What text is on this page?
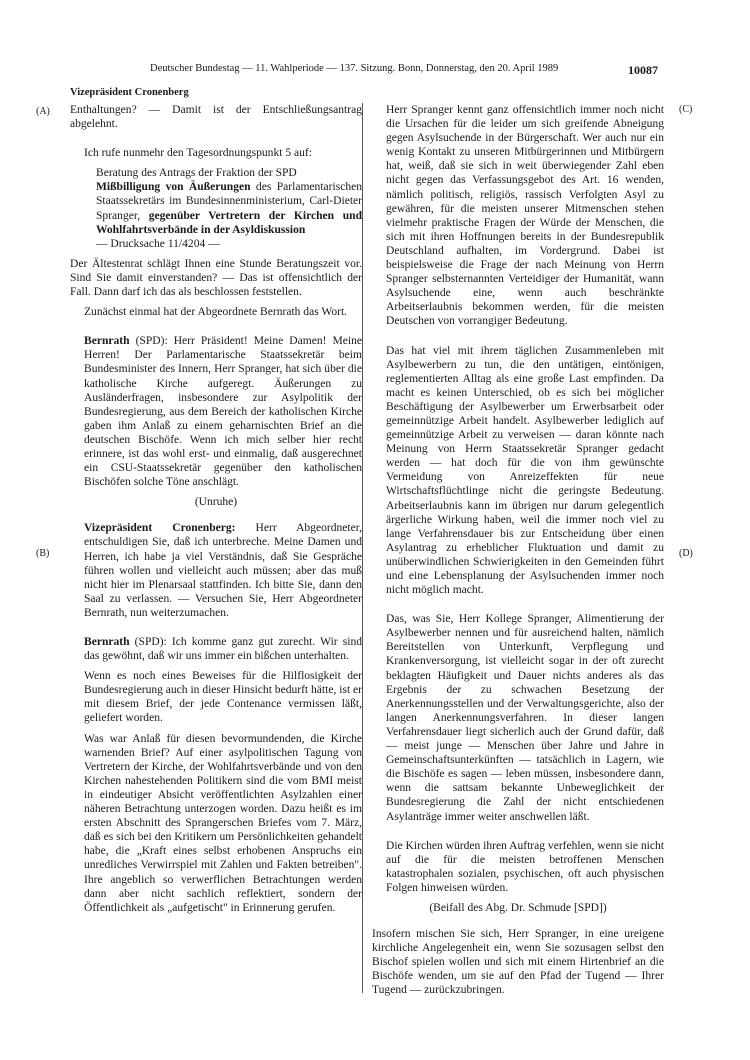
Deutscher Bundestag — 11. Wahlperiode — 137. Sitzung. Bonn, Donnerstag, den 20. April 1989	10087
Vizepräsident Cronenberg
(A)
(B)
(C)
(D)

Enthaltungen? — Damit ist der Entschließungsantrag abgelehnt.

Ich rufe nunmehr den Tagesordnungspunkt 5 auf:

Beratung des Antrags der Fraktion der SPD

Mißbilligung von Äußerungen des Parlamentarischen Staatssekretärs im Bundesinnenministerium, Carl-Dieter Spranger, gegenüber Vertretern der Kirchen und Wohlfahrtsverbände in der Asyldiskussion

— Drucksache 11/4204 —

Der Ältestenrat schlägt Ihnen eine Stunde Beratungszeit vor. Sind Sie damit einverstanden? — Das ist offensichtlich der Fall. Dann darf ich das als beschlossen feststellen.

Zunächst einmal hat der Abgeordnete Bernrath das Wort.

Bernrath (SPD): Herr Präsident! Meine Damen! Meine Herren! Der Parlamentarische Staatssekretär beim Bundesminister des Innern, Herr Spranger, hat sich über die katholische Kirche aufgeregt. Äußerungen zu Ausländerfragen, insbesondere zur Asylpolitik der Bundesregierung, aus dem Bereich der katholischen Kirche gaben ihm Anlaß zu einem geharnischten Brief an die deutschen Bischöfe. Wenn ich mich selber hier recht erinnere, ist das wohl erst- und einmalig, daß ausgerechnet ein CSU-Staatssekretär gegenüber den katholischen Bischöfen solche Töne anschlägt.

(Unruhe)

Vizepräsident Cronenberg: Herr Abgeordneter, entschuldigen Sie, daß ich unterbreche. Meine Damen und Herren, ich habe ja viel Verständnis, daß Sie Gespräche führen wollen und vielleicht auch müssen; aber das muß nicht hier im Plenarsaal stattfinden. Ich bitte Sie, dann den Saal zu verlassen. — Versuchen Sie, Herr Abgeordneter Bernrath, nun weiterzumachen.

Bernrath (SPD): Ich komme ganz gut zurecht. Wir sind das gewöhnt, daß wir uns immer ein bißchen unterhalten.

Wenn es noch eines Beweises für die Hilflosigkeit der Bundesregierung auch in dieser Hinsicht bedurft hätte, ist er mit diesem Brief, der jede Contenance vermissen läßt, geliefert worden.

Was war Anlaß für diesen bevormundenden, die Kirche warnenden Brief? Auf einer asylpolitischen Tagung von Vertretern der Kirche, der Wohlfahrtsverbände und von den Kirchen nahestehenden Politikern sind die vom BMI meist in eindeutiger Absicht veröffentlichten Asylzahlen einer näheren Betrachtung unterzogen worden. Dazu heißt es im ersten Abschnitt des Sprangerschen Briefes vom 7. März, daß es sich bei den Kritikern um Persönlichkeiten gehandelt habe, die „Kraft eines selbst erhobenen Anspruchs ein unredliches Verwirrspiel mit Zahlen und Fakten betreiben". Ihre angeblich so verwerflichen Betrachtungen werden dann aber nicht sachlich reflektiert, sondern der Öffentlichkeit als „aufgetischt" in Erinnerung gerufen.

Herr Spranger kennt ganz offensichtlich immer noch nicht die Ursachen für die leider um sich greifende Abneigung gegen Asylsuchende in der Bürgerschaft. Wer auch nur ein wenig Kontakt zu unseren Mitbürgerinnen und Mitbürgern hat, weiß, daß sie sich in weit überwiegender Zahl eben nicht gegen das Verfassungsgebot des Art. 16 wenden, nämlich politisch, religiös, rassisch Verfolgten Asyl zu gewähren, für die meisten unserer Mitmenschen stehen vielmehr praktische Fragen der Würde der Menschen, die sich mit ihren Hoffnungen bereits in der Bundesrepublik Deutschland aufhalten, im Vordergrund. Dabei ist beispielsweise die Frage der nach Meinung von Herrn Spranger selbsternannten Verteidiger der Humanität, wann Asylsuchende eine, wenn auch beschränkte Arbeitserlaubnis bekommen werden, für die meisten Deutschen von vorrangiger Bedeutung.

Das hat viel mit ihrem täglichen Zusammenleben mit Asylbewerbern zu tun, die den untätigen, eintönigen, reglementierten Alltag als eine große Last empfinden. Da macht es keinen Unterschied, ob es sich bei möglicher Beschäftigung der Asylbewerber um Erwerbsarbeit oder gemeinnützige Arbeit handelt. Asylbewerber lediglich auf gemeinnützige Arbeit zu verweisen — daran könnte nach Meinung von Herrn Staatssekretär Spranger gedacht werden — hat doch für die von ihm gewünschte Vermeidung von Anreizeffekten für neue Wirtschaftsflüchtlinge nicht die geringste Bedeutung. Arbeitserlaubnis kann im übrigen nur darum gelegentlich ärgerliche Wirkung haben, weil die immer noch viel zu lange Verfahrensdauer bis zur Entscheidung über einen Asylantrag zu erheblicher Fluktuation und damit zu unüberwindlichen Schwierigkeiten in den Gemeinden führt und eine Lebensplanung der Asylsuchenden immer noch nicht möglich macht.

Das, was Sie, Herr Kollege Spranger, Alimentierung der Asylbewerber nennen und für ausreichend halten, nämlich Bereitstellen von Unterkunft, Verpflegung und Krankenversorgung, ist vielleicht sogar in der oft zurecht beklagten Häufigkeit und Dauer nichts anderes als das Ergebnis der zu schwachen Besetzung der Anerkennungsstellen und der Verwaltungsgerichte, also der langen Anerkennungsverfahren. In dieser langen Verfahrensdauer liegt sicherlich auch der Grund dafür, daß — meist junge — Menschen über Jahre und Jahre in Gemeinschaftsunterkünften — tatsächlich in Lagern, wie die Bischöfe es sagen — leben müssen, insbesondere dann, wenn die sattsam bekannte Unbeweglichkeit der Bundesregierung die Zahl der nicht entschiedenen Asylanträge immer weiter anschwellen läßt.

Die Kirchen würden ihren Auftrag verfehlen, wenn sie nicht auf die für die meisten betroffenen Menschen katastrophalen sozialen, psychischen, oft auch physischen Folgen hinweisen würden.

(Beifall des Abg. Dr. Schmude [SPD])

Insofern mischen Sie sich, Herr Spranger, in eine ureigene kirchliche Angelegenheit ein, wenn Sie sozusagen selbst den Bischof spielen wollen und sich mit einem Hirtenbrief an die Bischöfe wenden, um sie auf den Pfad der Tugend — Ihrer Tugend — zurückzubringen.
